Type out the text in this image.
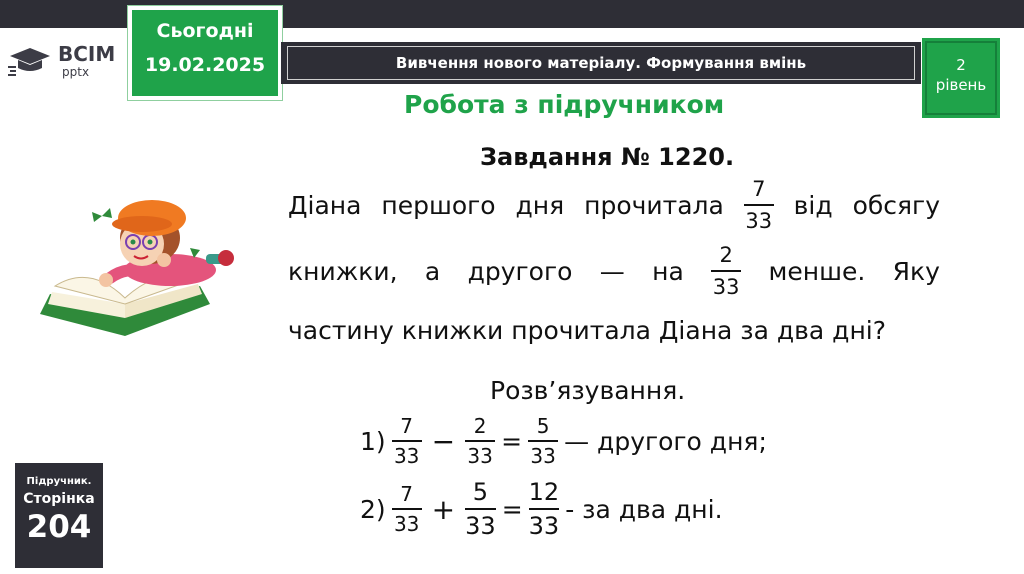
ВСІМ
pptx
Сьогодні
19.02.2025	Вивчення нового матеріалу. Формування вмінь	2
рівень
Робота з підручником
Завдання № 1220.
Діана першого дня прочитала $\frac{7}{33}$ від обсягу
книжки, а другого — на $\frac{2}{33}$ менше. Яку
частину книжки прочитала Діана за два дні?
Розв’язування.
$1) \frac{7}{33} - \frac{2}{33} = \frac{5}{33}$ — другого дня;
$2) \frac{7}{33} + \frac{5}{33} = \frac{12}{33}$ - за два дні.
Підручник.
Сторінка
204
